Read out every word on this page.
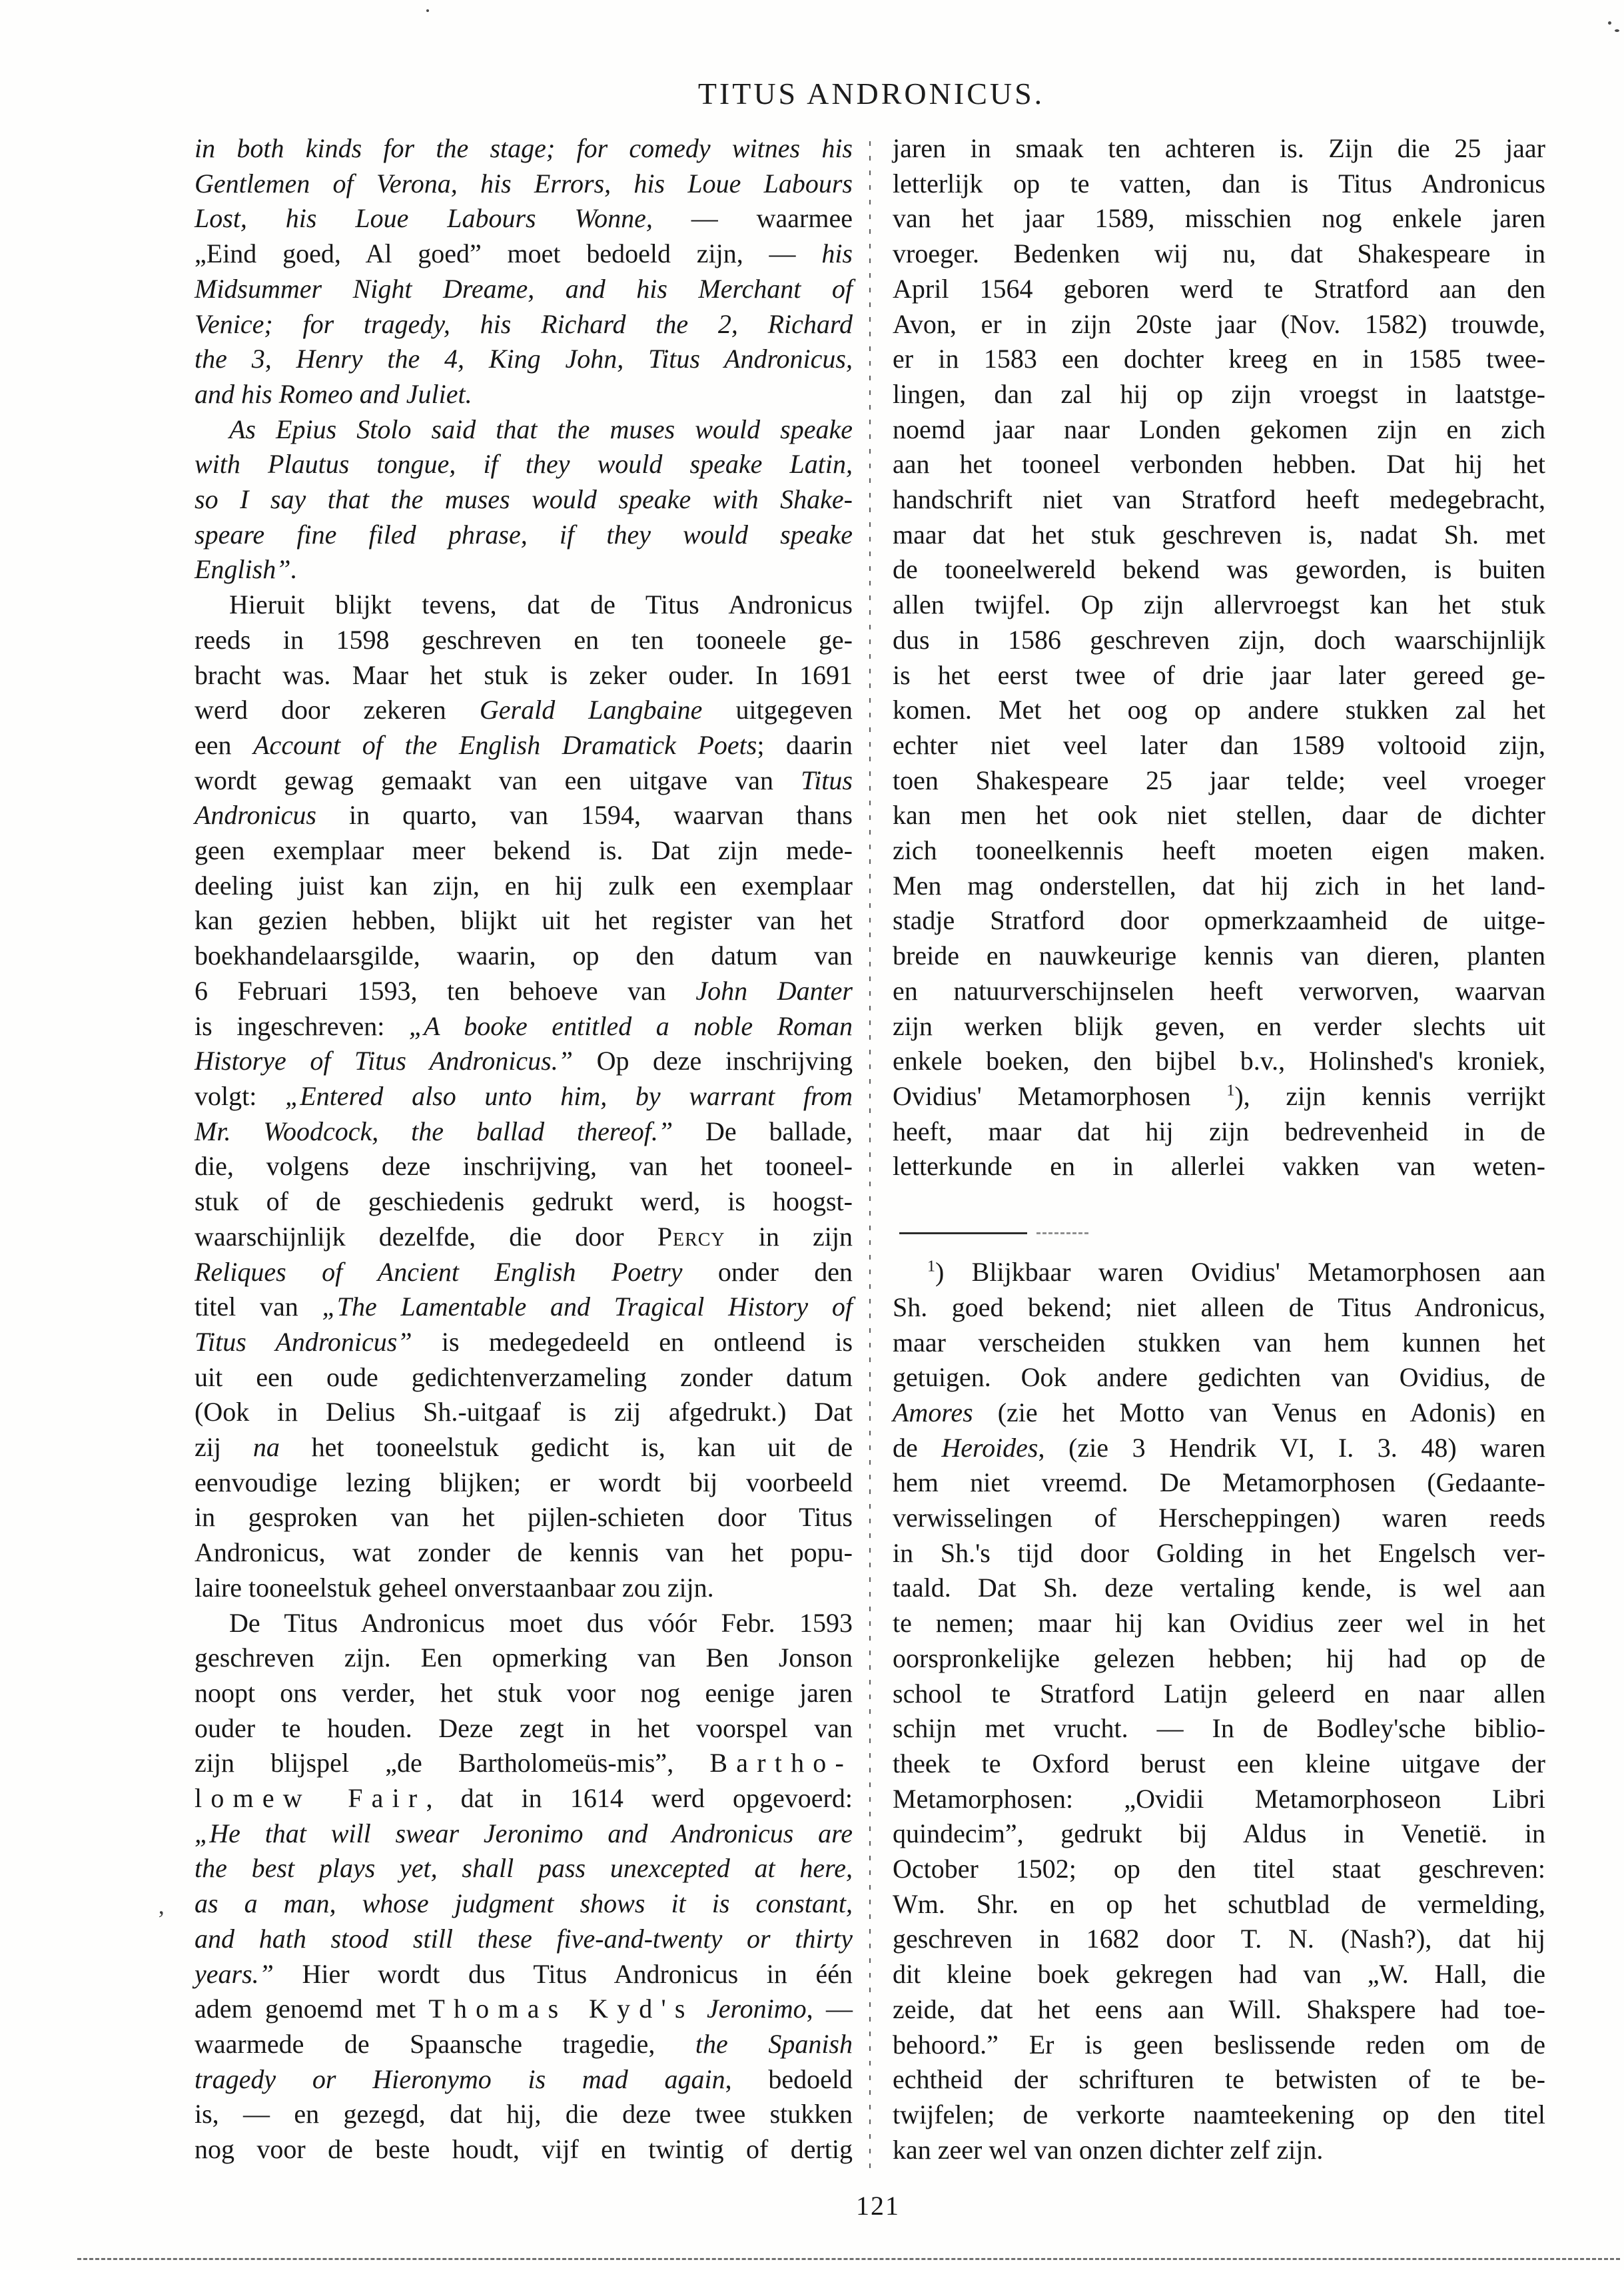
TITUS ANDRONICUS.
in both kinds for the stage; for comedy witnes his
Gentlemen of Verona, his Errors, his Loue Labours
Lost, his Loue Labours Wonne, — waarmee
„Eind goed, Al goed” moet bedoeld zijn, — his
Midsummer Night Dreame, and his Merchant of
Venice; for tragedy, his Richard the 2, Richard
the 3, Henry the 4, King John, Titus Andronicus,
and his Romeo and Juliet.
As Epius Stolo said that the muses would speake
with Plautus tongue, if they would speake Latin,
so I say that the muses would speake with Shake-
speare fine filed phrase, if they would speake
English”.
Hieruit blijkt tevens, dat de Titus Andronicus
reeds in 1598 geschreven en ten tooneele ge-
bracht was. Maar het stuk is zeker ouder. In 1691
werd door zekeren Gerald Langbaine uitgegeven
een Account of the English Dramatick Poets; daarin
wordt gewag gemaakt van een uitgave van Titus
Andronicus in quarto, van 1594, waarvan thans
geen exemplaar meer bekend is. Dat zijn mede-
deeling juist kan zijn, en hij zulk een exemplaar
kan gezien hebben, blijkt uit het register van het
boekhandelaarsgilde, waarin, op den datum van
6 Februari 1593, ten behoeve van John Danter
is ingeschreven: „A booke entitled a noble Roman
Historye of Titus Andronicus.” Op deze inschrijving
volgt: „Entered also unto him, by warrant from
Mr. Woodcock, the ballad thereof.” De ballade,
die, volgens deze inschrijving, van het tooneel-
stuk of de geschiedenis gedrukt werd, is hoogst-
waarschijnlijk dezelfde, die door Percy in zijn
Reliques of Ancient English Poetry onder den
titel van „The Lamentable and Tragical History of
Titus Andronicus” is medegedeeld en ontleend is
uit een oude gedichtenverzameling zonder datum
(Ook in Delius Sh.-uitgaaf is zij afgedrukt.) Dat
zij na het tooneelstuk gedicht is, kan uit de
eenvoudige lezing blijken; er wordt bij voorbeeld
in gesproken van het pijlen-schieten door Titus
Andronicus, wat zonder de kennis van het popu-
laire tooneelstuk geheel onverstaanbaar zou zijn.
De Titus Andronicus moet dus vóór Febr. 1593
geschreven zijn. Een opmerking van Ben Jonson
noopt ons verder, het stuk voor nog eenige jaren
ouder te houden. Deze zegt in het voorspel van
zijn blijspel „de Bartholomeüs-mis”, Bartho-
lomew Fair, dat in 1614 werd opgevoerd:
„He that will swear Jeronimo and Andronicus are
the best plays yet, shall pass unexcepted at here,
as a man, whose judgment shows it is constant,
and hath stood still these five-and-twenty or thirty
years.” Hier wordt dus Titus Andronicus in één
adem genoemd met Thomas Kyd's Jeronimo, —
waarmede de Spaansche tragedie, the Spanish
tragedy or Hieronymo is mad again, bedoeld
is, — en gezegd, dat hij, die deze twee stukken
nog voor de beste houdt, vijf en twintig of dertig
jaren in smaak ten achteren is. Zijn die 25 jaar
letterlijk op te vatten, dan is Titus Andronicus
van het jaar 1589, misschien nog enkele jaren
vroeger. Bedenken wij nu, dat Shakespeare in
April 1564 geboren werd te Stratford aan den
Avon, er in zijn 20ste jaar (Nov. 1582) trouwde,
er in 1583 een dochter kreeg en in 1585 twee-
lingen, dan zal hij op zijn vroegst in laatstge-
noemd jaar naar Londen gekomen zijn en zich
aan het tooneel verbonden hebben. Dat hij het
handschrift niet van Stratford heeft medegebracht,
maar dat het stuk geschreven is, nadat Sh. met
de tooneelwereld bekend was geworden, is buiten
allen twijfel. Op zijn allervroegst kan het stuk
dus in 1586 geschreven zijn, doch waarschijnlijk
is het eerst twee of drie jaar later gereed ge-
komen. Met het oog op andere stukken zal het
echter niet veel later dan 1589 voltooid zijn,
toen Shakespeare 25 jaar telde; veel vroeger
kan men het ook niet stellen, daar de dichter
zich tooneelkennis heeft moeten eigen maken.
Men mag onderstellen, dat hij zich in het land-
stadje Stratford door opmerkzaamheid de uitge-
breide en nauwkeurige kennis van dieren, planten
en natuurverschijnselen heeft verworven, waarvan
zijn werken blijk geven, en verder slechts uit
enkele boeken, den bijbel b.v., Holinshed's kroniek,
Ovidius' Metamorphosen $^1$), zijn kennis verrijkt
heeft, maar dat hij zijn bedrevenheid in de
letterkunde en in allerlei vakken van weten-
$^1$) Blijkbaar waren Ovidius' Metamorphosen aan
Sh. goed bekend; niet alleen de Titus Andronicus,
maar verscheiden stukken van hem kunnen het
getuigen. Ook andere gedichten van Ovidius, de
Amores (zie het Motto van Venus en Adonis) en
de Heroides, (zie 3 Hendrik VI, I. 3. 48) waren
hem niet vreemd. De Metamorphosen (Gedaante-
verwisselingen of Herscheppingen) waren reeds
in Sh.'s tijd door Golding in het Engelsch ver-
taald. Dat Sh. deze vertaling kende, is wel aan
te nemen; maar hij kan Ovidius zeer wel in het
oorspronkelijke gelezen hebben; hij had op de
school te Stratford Latijn geleerd en naar allen
schijn met vrucht. — In de Bodley'sche biblio-
theek te Oxford berust een kleine uitgave der
Metamorphosen: „Ovidii Metamorphoseon Libri
quindecim”, gedrukt bij Aldus in Venetië. in
October 1502; op den titel staat geschreven:
Wm. Shr. en op het schutblad de vermelding,
geschreven in 1682 door T. N. (Nash?), dat hij
dit kleine boek gekregen had van „W. Hall, die
zeide, dat het eens aan Will. Shakspere had toe-
behoord.” Er is geen beslissende reden om de
echtheid der schrifturen te betwisten of te be-
twijfelen; de verkorte naamteekening op den titel
kan zeer wel van onzen dichter zelf zijn.
121
’
